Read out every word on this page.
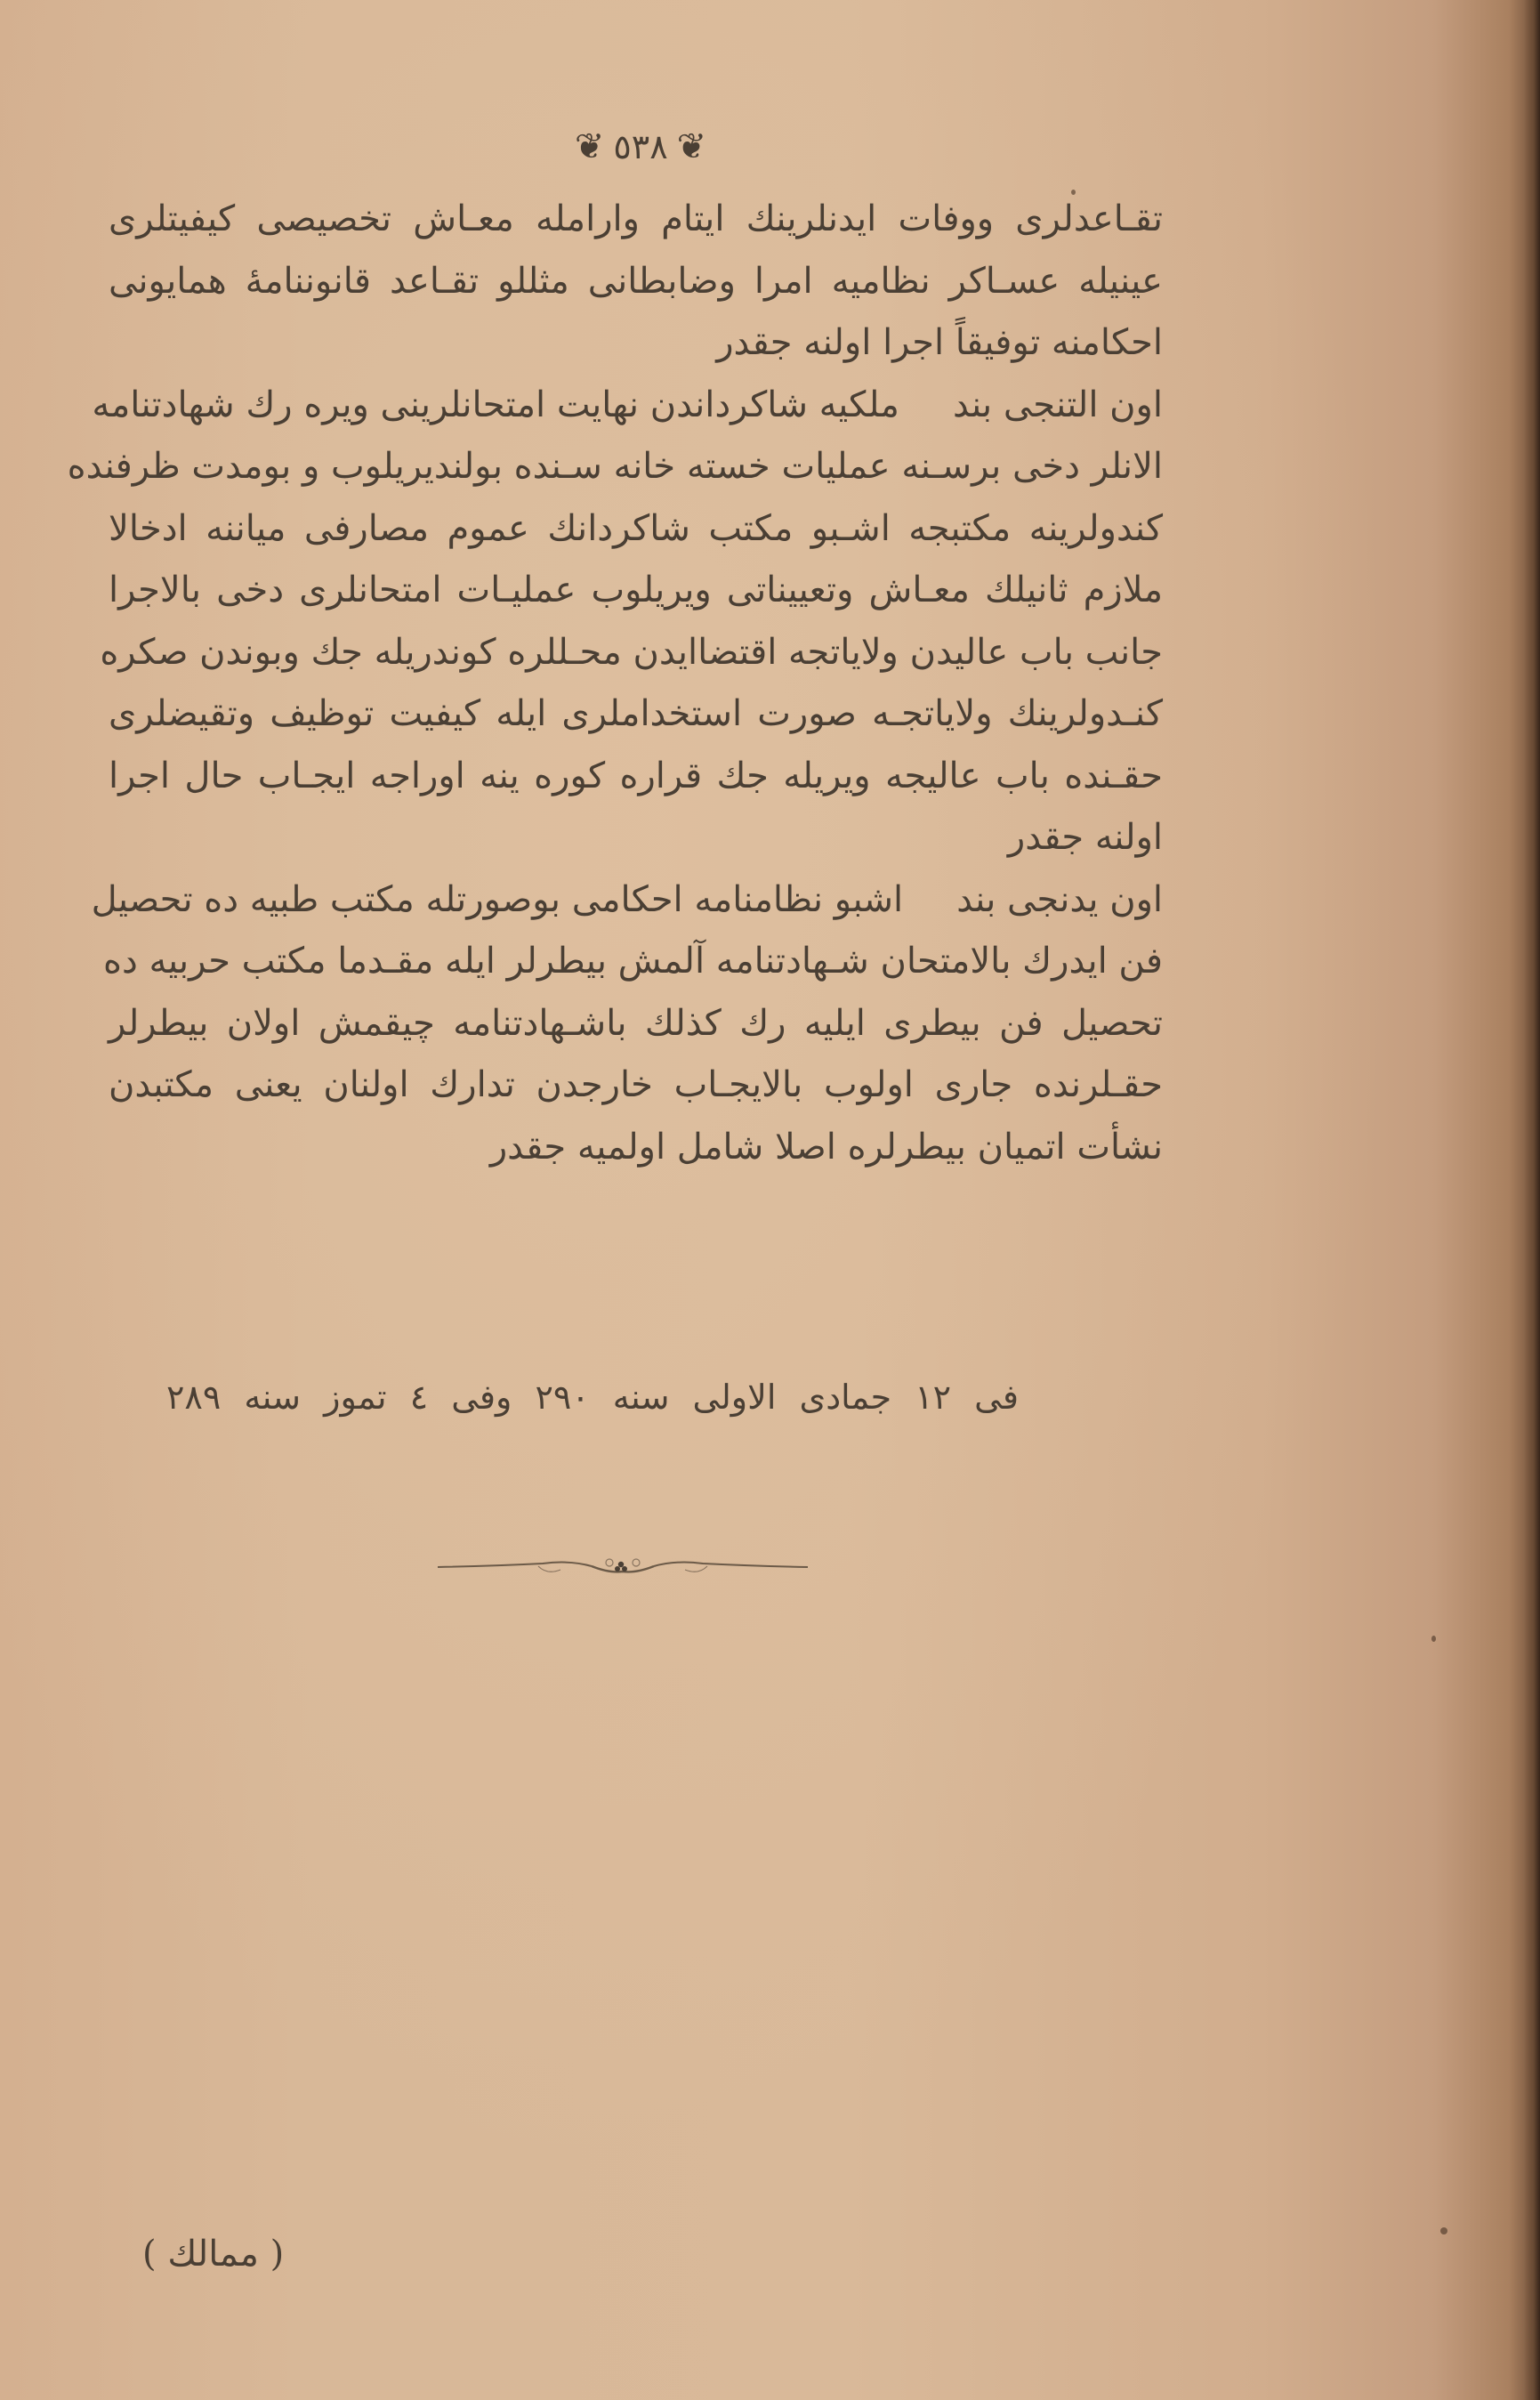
❦ ٥٣٨ ❦
تقـاعدلری ووفات ایدنلرینك ایتام وارامله معـاش تخصیصی كیفیتلری
عینیله عسـاكر نظامیه امرا وضابطانی مثللو تقـاعد قانوننامهٔ همایونی
احكامنه توفیقاً اجرا اولنه جقدر
اون التنجی بندملكیه شاكرداندن نهایت امتحانلرینی ویره رك شهادتنامه
الانلر دخی برسـنه عملیات خسته خانه سـنده بولندیریلوب و بومدت ظرفنده
كندولرینه مكتبجه اشـبو مكتب شاكردانك عموم مصارفی میاننه ادخالا
ملازم ثانیلك معـاش وتعییناتی ویریلوب عملیـات امتحانلری دخی بالاجرا
جانب باب عالیدن ولایاتجه اقتضاایدن محـللره كوندریله جك وبوندن صكره
كنـدولرینك ولایاتجـه صورت استخداملری ایله كیفیت توظیف وتقیضلری
حقـنده باب عالیجه ویریله جك قراره كوره ینه اوراجه ایجـاب حال اجرا
اولنه جقدر
اون یدنجی بنداشبو نظامنامه احكامی بوصورتله مكتب طبیه ده تحصیل
فن ایدرك بالامتحان شـهادتنامه آلمش بیطرلر ایله مقـدما مكتب حربیه ده
تحصیل فن بیطری ایلیه رك كذلك باشـهادتنامه چیقمش اولان بیطرلر
حقـلرنده جاری اولوب بالایجـاب خارجدن تدارك اولنان یعنی مكتبدن
نشأت اتمیان بیطرلره اصلا شامل اولمیه جقدر
فی ١٢ جمادی الاولی سنه ٢٩٠ وفی ٤ تموز سنه ٢٨٩
( ممالك )
